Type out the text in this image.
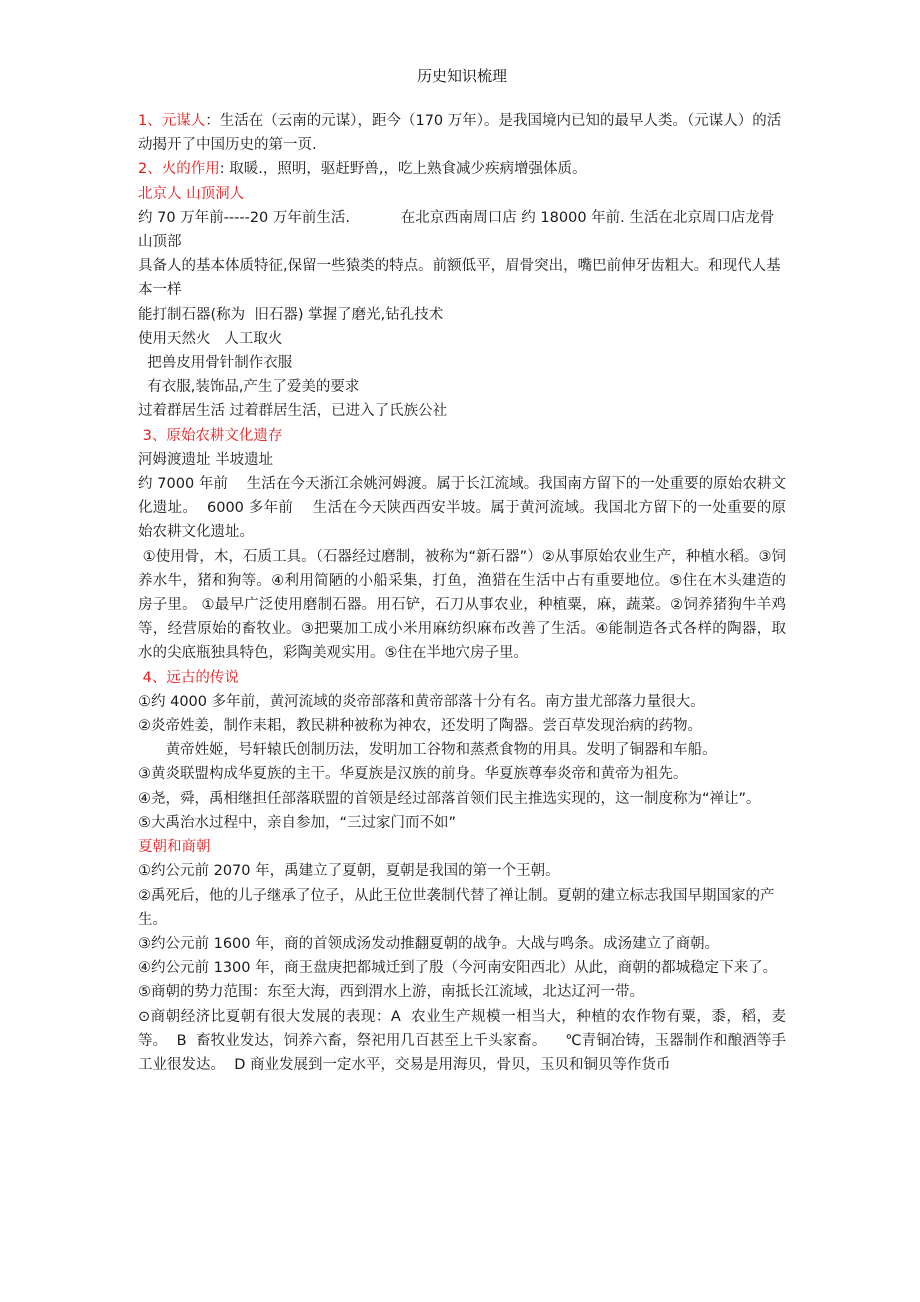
历史知识梳理
1、元谋人：生活在（云南的元谋），距今（170 万年）。是我国境内已知的最早人类。（元谋人）的活动揭开了中国历史的第一页.
2、火的作用: 取暖.，照明，驱赶野兽,，吃上熟食减少疾病增强体质。
北京人 山顶洞人
约 70 万年前-----20 万年前生活.           在北京西南周口店 约 18000 年前. 生活在北京周口店龙骨山顶部
具备人的基本体质特征,保留一些猿类的特点。前额低平，眉骨突出，嘴巴前伸牙齿粗大。和现代人基本一样
能打制石器(称为  旧石器) 掌握了磨光,钻孔技术
使用天然火   人工取火
把兽皮用骨针制作衣服
有衣服,装饰品,产生了爱美的要求
过着群居生活 过着群居生活，已进入了氏族公社
3、原始农耕文化遗存
河姆渡遗址 半坡遗址
约 7000 年前    生活在今天浙江余姚河姆渡。属于长江流域。我国南方留下的一处重要的原始农耕文化遗址。  6000 多年前    生活在今天陕西西安半坡。属于黄河流域。我国北方留下的一处重要的原始农耕文化遗址。
①使用骨，木，石质工具。（石器经过磨制，被称为“新石器”）②从事原始农业生产，种植水稻。③饲养水牛，猪和狗等。④利用简陋的小船采集，打鱼，渔猎在生活中占有重要地位。⑤住在木头建造的房子里。 ①最早广泛使用磨制石器。用石铲，石刀从事农业，种植粟，麻，蔬菜。②饲养猪狗牛羊鸡等，经营原始的畜牧业。③把粟加工成小米用麻纺织麻布改善了生活。④能制造各式各样的陶器，取水的尖底瓶独具特色，彩陶美观实用。⑤住在半地穴房子里。
4、远古的传说
①约 4000 多年前，黄河流域的炎帝部落和黄帝部落十分有名。南方蚩尤部落力量很大。
②炎帝姓姜，制作耒耜，教民耕种被称为神农，还发明了陶器。尝百草发现治病的药物。
黄帝姓姬，号轩辕氏创制历法，发明加工谷物和蒸煮食物的用具。发明了铜器和车船。
③黄炎联盟构成华夏族的主干。华夏族是汉族的前身。华夏族尊奉炎帝和黄帝为祖先。
④尧，舜，禹相继担任部落联盟的首领是经过部落首领们民主推选实现的，这一制度称为“禅让”。
⑤大禹治水过程中，亲自参加，“三过家门而不如”
夏朝和商朝
①约公元前 2070 年，禹建立了夏朝，夏朝是我国的第一个王朝。
②禹死后，他的儿子继承了位子，从此王位世袭制代替了禅让制。夏朝的建立标志我国早期国家的产生。
③约公元前 1600 年，商的首领成汤发动推翻夏朝的战争。大战与鸣条。成汤建立了商朝。
④约公元前 1300 年，商王盘庚把都城迁到了殷（今河南安阳西北）从此，商朝的都城稳定下来了。
⑤商朝的势力范围：东至大海，西到渭水上游，南抵长江流域，北达辽河一带。
⊙商朝经济比夏朝有很大发展的表现：A  农业生产规模一相当大，种植的农作物有粟，黍，稻，麦等。  B  畜牧业发达，饲养六畜，祭祀用几百甚至上千头家畜。    ℃青铜冶铸，玉器制作和酿酒等手工业很发达。  D 商业发展到一定水平，交易是用海贝，骨贝，玉贝和铜贝等作货币
